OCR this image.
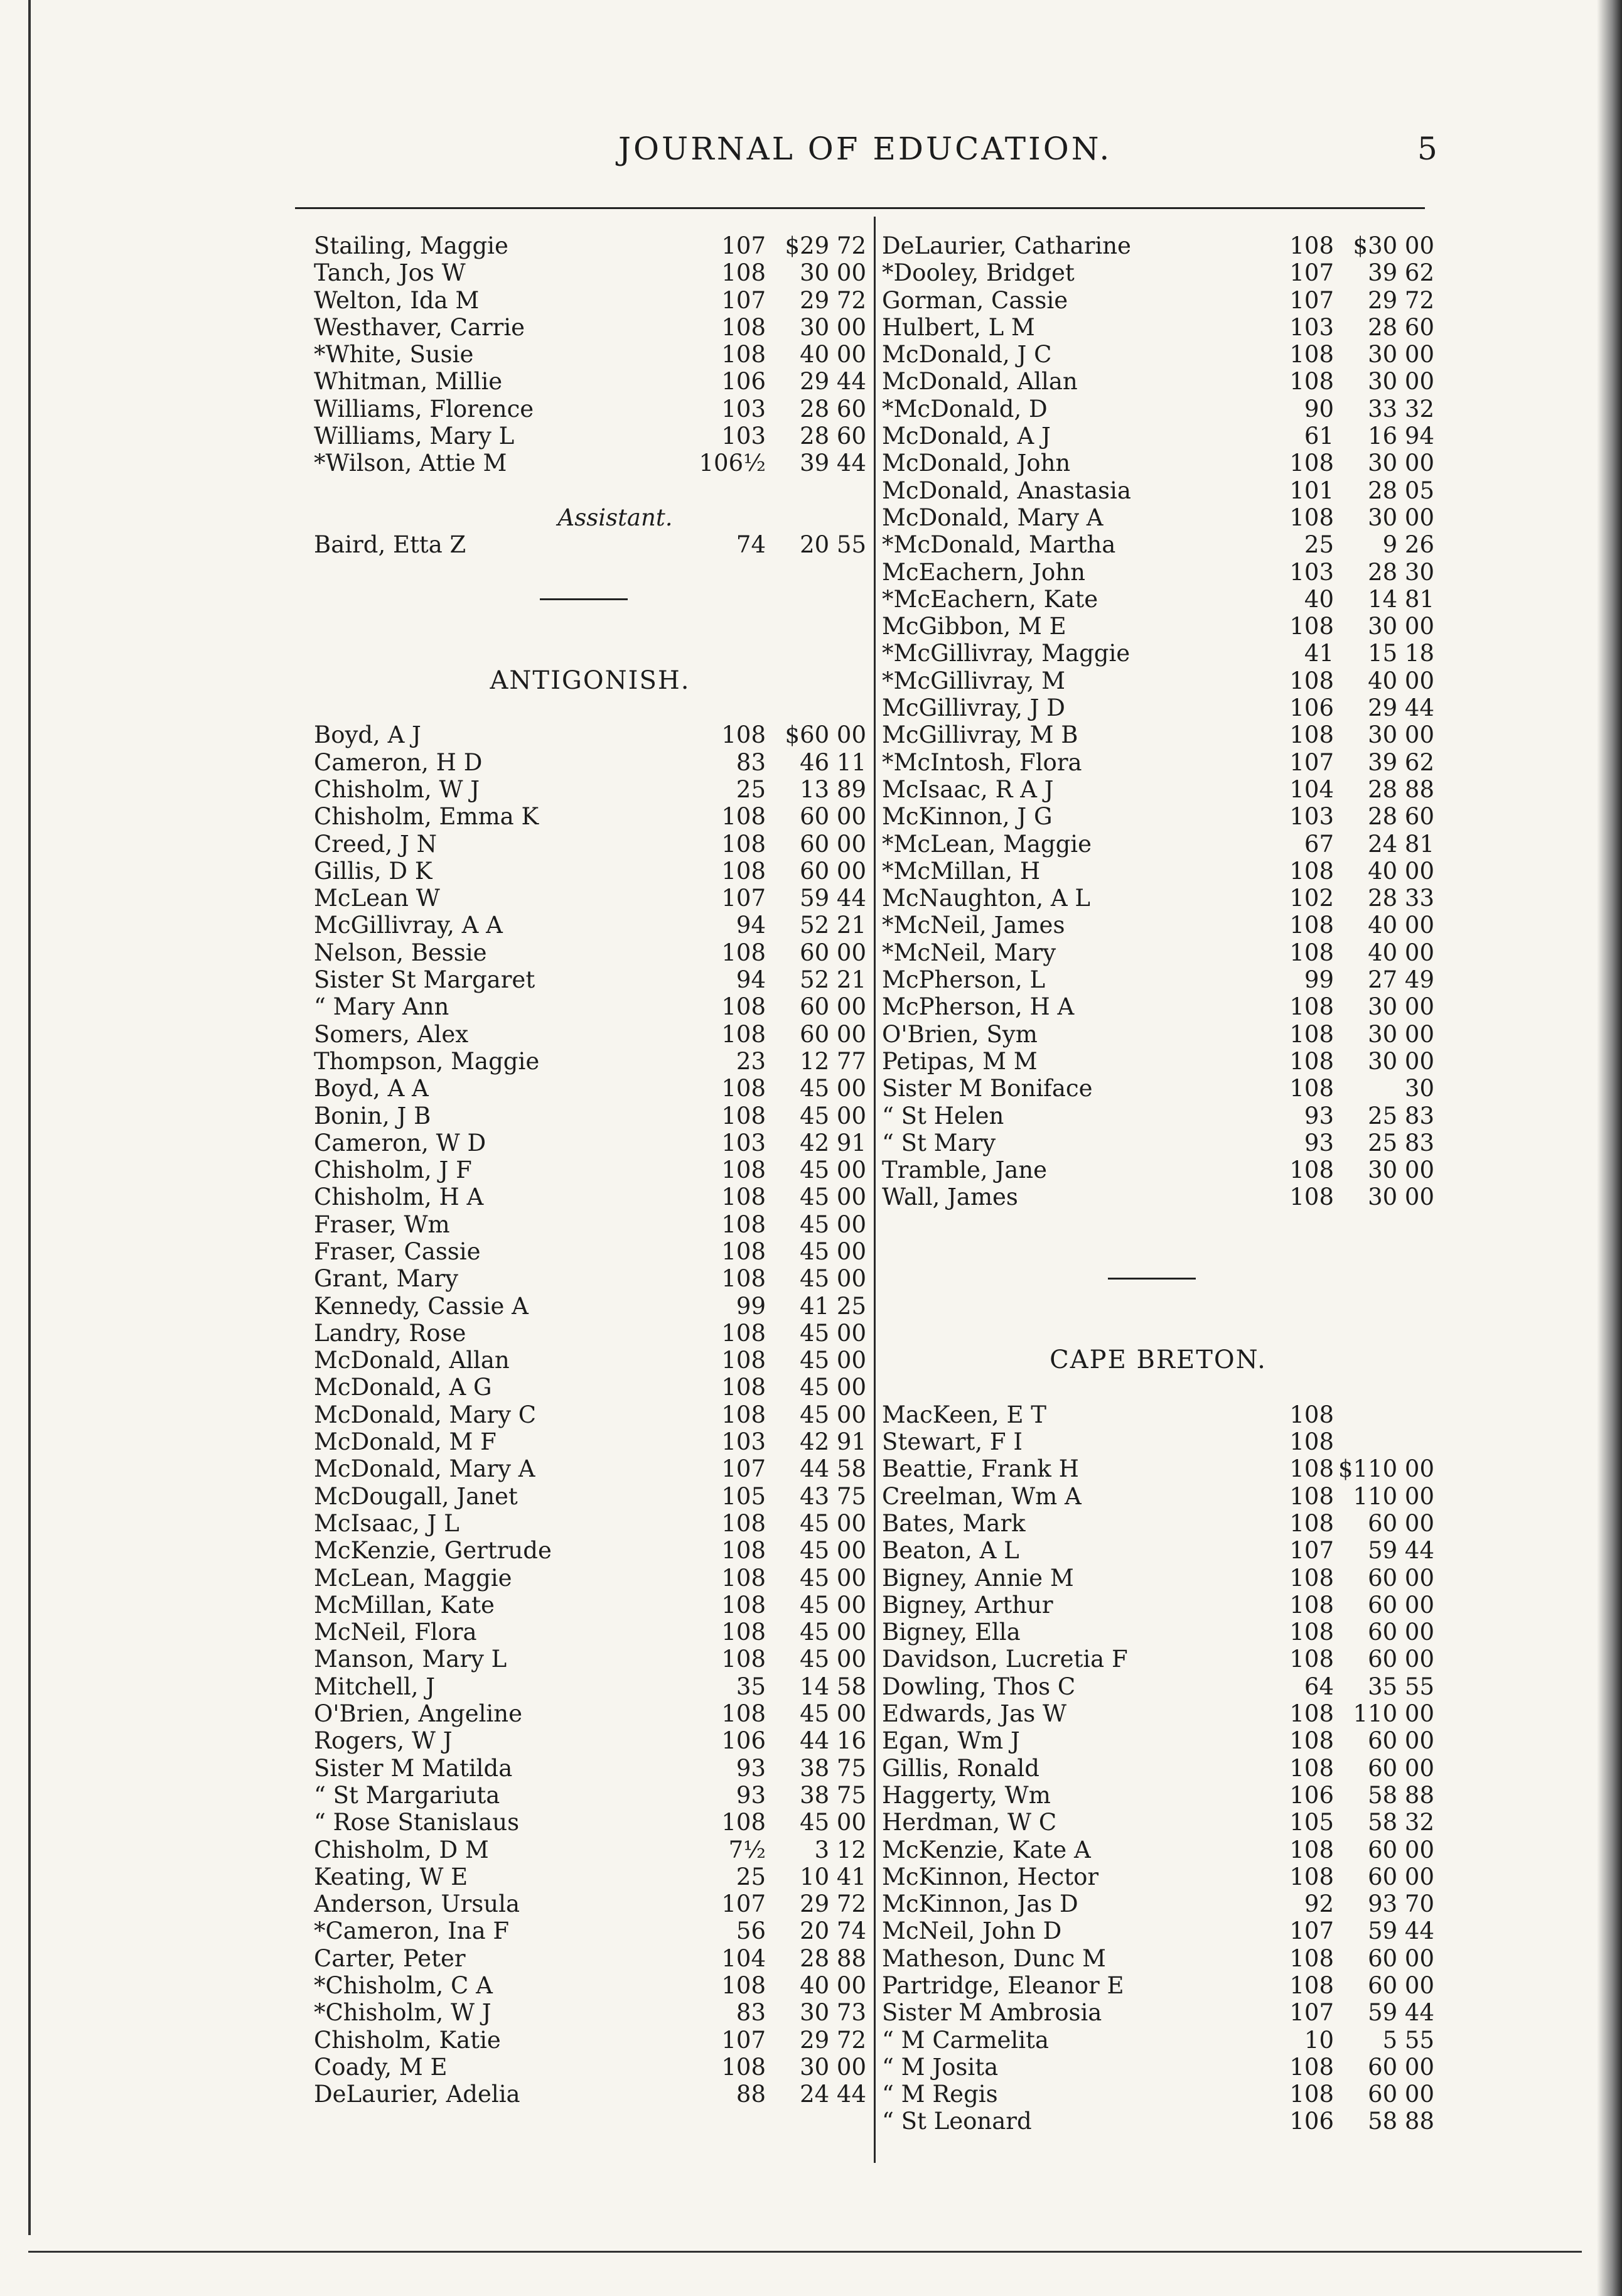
JOURNAL OF EDUCATION.	5
Stailing, Maggie	107 $29 72
Tanch, Jos W	108	30 00
Welton, Ida M	107	29 72
Westhaver, Carrie	108	30 00
*White, Susie	108	40 00
Whitman, Millie	106	29 44
Williams, Florence	103	28 60
Williams, Mary L	103	28 60
*Wilson, Attie M	106½	39 44
Assistant.
Baird, Etta Z	74	20 55
ANTIGONISH.
Boyd, A J	108 $60 00
Cameron, H D	83	46 11
Chisholm, W J	25	13 89
Chisholm, Emma K	108	60 00
Creed, J N	108	60 00
Gillis, D K	108	60 00
McLean W	107	59 44
McGillivray, A A	94	52 21
Nelson, Bessie	108	60 00
Sister St Margaret	94	52 21
“ Mary Ann	108	60 00
Somers, Alex	108	60 00
Thompson, Maggie	23	12 77
Boyd, A A	108	45 00
Bonin, J B	108	45 00
Cameron, W D	103	42 91
Chisholm, J F	108	45 00
Chisholm, H A	108	45 00
Fraser, Wm	108	45 00
Fraser, Cassie	108	45 00
Grant, Mary	108	45 00
Kennedy, Cassie A	99	41 25
Landry, Rose	108	45 00
McDonald, Allan	108	45 00
McDonald, A G	108	45 00
McDonald, Mary C	108	45 00
McDonald, M F	103	42 91
McDonald, Mary A	107	44 58
McDougall, Janet	105	43 75
McIsaac, J L	108	45 00
McKenzie, Gertrude	108	45 00
McLean, Maggie	108	45 00
McMillan, Kate	108	45 00
McNeil, Flora	108	45 00
Manson, Mary L	108	45 00
Mitchell, J	35	14 58
O'Brien, Angeline	108	45 00
Rogers, W J	106	44 16
Sister M Matilda	93	38 75
“ St Margariuta	93	38 75
“ Rose Stanislaus	108	45 00
Chisholm, D M	7½	3 12
Keating, W E	25	10 41
Anderson, Ursula	107	29 72
*Cameron, Ina F	56	20 74
Carter, Peter	104	28 88
*Chisholm, C A	108	40 00
*Chisholm, W J	83	30 73
Chisholm, Katie	107	29 72
Coady, M E	108	30 00
DeLaurier, Adelia	88	24 44
DeLaurier, Catharine	108 $30 00
*Dooley, Bridget	107	39 62
Gorman, Cassie	107	29 72
Hulbert, L M	103	28 60
McDonald, J C	108	30 00
McDonald, Allan	108	30 00
*McDonald, D	90	33 32
McDonald, A J	61	16 94
McDonald, John	108	30 00
McDonald, Anastasia	101	28 05
McDonald, Mary A	108	30 00
*McDonald, Martha	25	9 26
McEachern, John	103	28 30
*McEachern, Kate	40	14 81
McGibbon, M E	108	30 00
*McGillivray, Maggie	41	15 18
*McGillivray, M	108	40 00
McGillivray, J D	106	29 44
McGillivray, M B	108	30 00
*McIntosh, Flora	107	39 62
McIsaac, R A J	104	28 88
McKinnon, J G	103	28 60
*McLean, Maggie	67	24 81
*McMillan, H	108	40 00
McNaughton, A L	102	28 33
*McNeil, James	108	40 00
*McNeil, Mary	108	40 00
McPherson, L	99	27 49
McPherson, H A	108	30 00
O'Brien, Sym	108	30 00
Petipas, M M	108	30 00
Sister M Boniface	108	30
“ St Helen	93	25 83
“ St Mary	93	25 83
Tramble, Jane	108	30 00
Wall, James	108	30 00
CAPE BRETON.
MacKeen, E T	108
Stewart, F I	108
Beattie, Frank H	108 $110 00
Creelman, Wm A	108 110 00
Bates, Mark	108	60 00
Beaton, A L	107	59 44
Bigney, Annie M	108	60 00
Bigney, Arthur	108	60 00
Bigney, Ella	108	60 00
Davidson, Lucretia F	108	60 00
Dowling, Thos C	64	35 55
Edwards, Jas W	108 110 00
Egan, Wm J	108	60 00
Gillis, Ronald	108	60 00
Haggerty, Wm	106	58 88
Herdman, W C	105	58 32
McKenzie, Kate A	108	60 00
McKinnon, Hector	108	60 00
McKinnon, Jas D	92	93 70
McNeil, John D	107	59 44
Matheson, Dunc M	108	60 00
Partridge, Eleanor E	108	60 00
Sister M Ambrosia	107	59 44
“ M Carmelita	10	5 55
“ M Josita	108	60 00
“ M Regis	108	60 00
“ St Leonard	106	58 88
